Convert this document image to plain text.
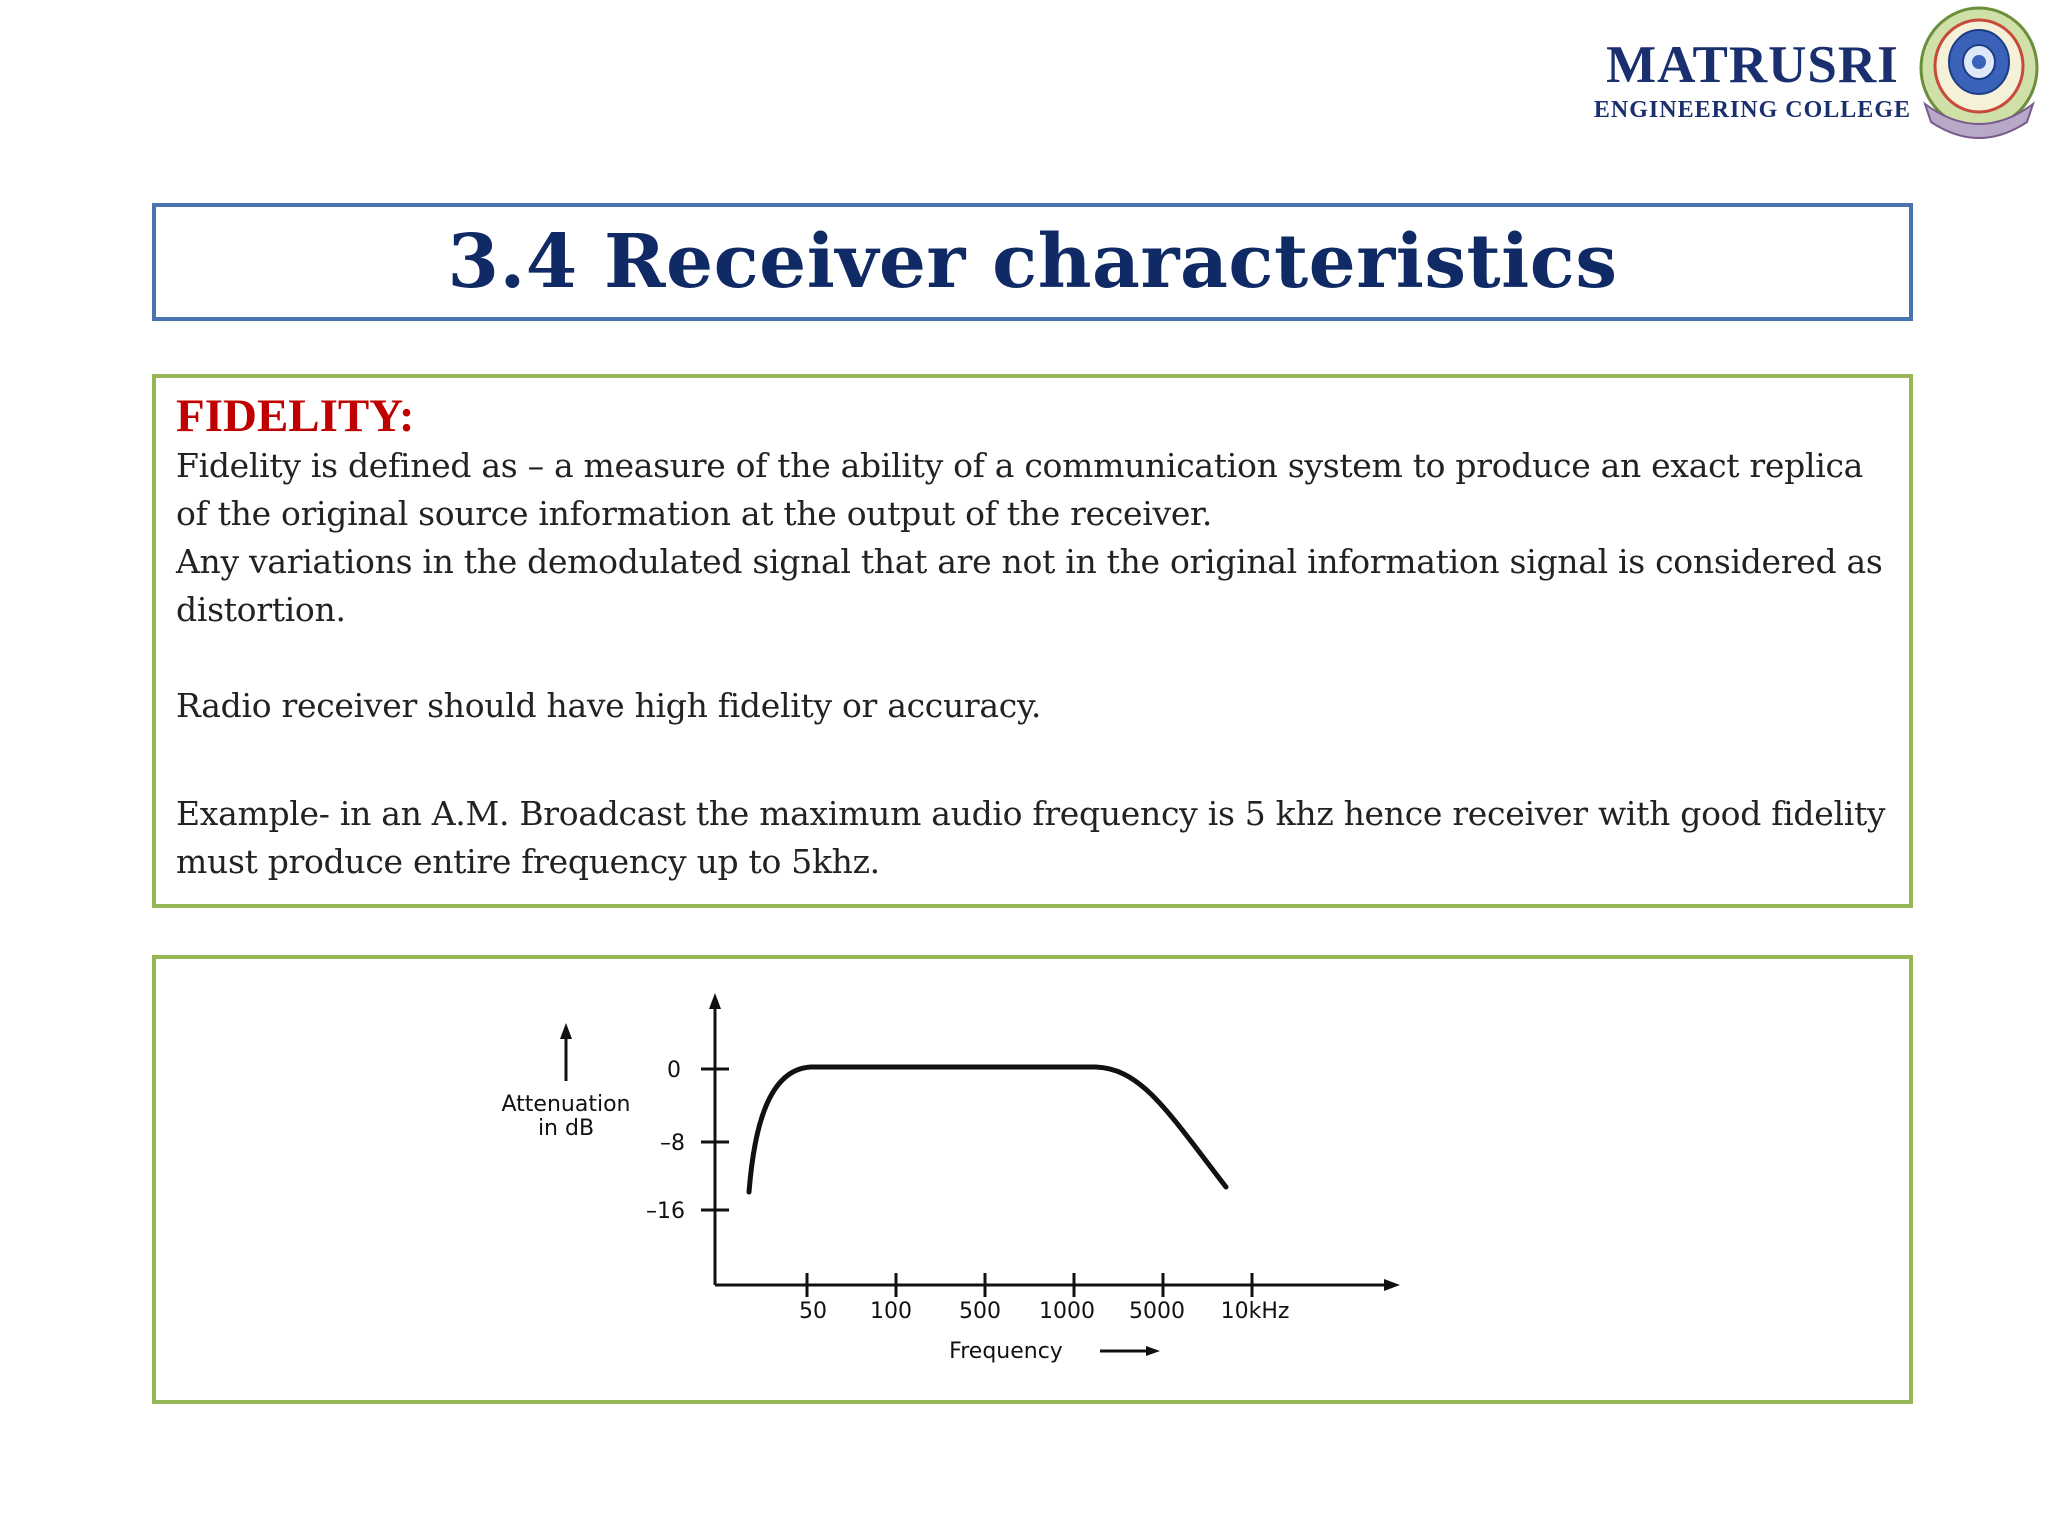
MATRUSRI
ENGINEERING COLLEGE
3.4 Receiver characteristics
FIDELITY:
Fidelity is defined as – a measure of the ability of a communication system to produce an exact replica of the original source information at the output of the receiver.
Any variations in the demodulated signal that are not in the original information signal is considered as distortion.
Radio receiver should have high fidelity or accuracy.
Example- in an A.M. Broadcast the maximum audio frequency is 5 khz hence receiver with good fidelity must produce entire frequency up to 5khz.
0
–8
–16
Attenuation
in dB
50 100 500 1000 5000 10kHz
Frequency
